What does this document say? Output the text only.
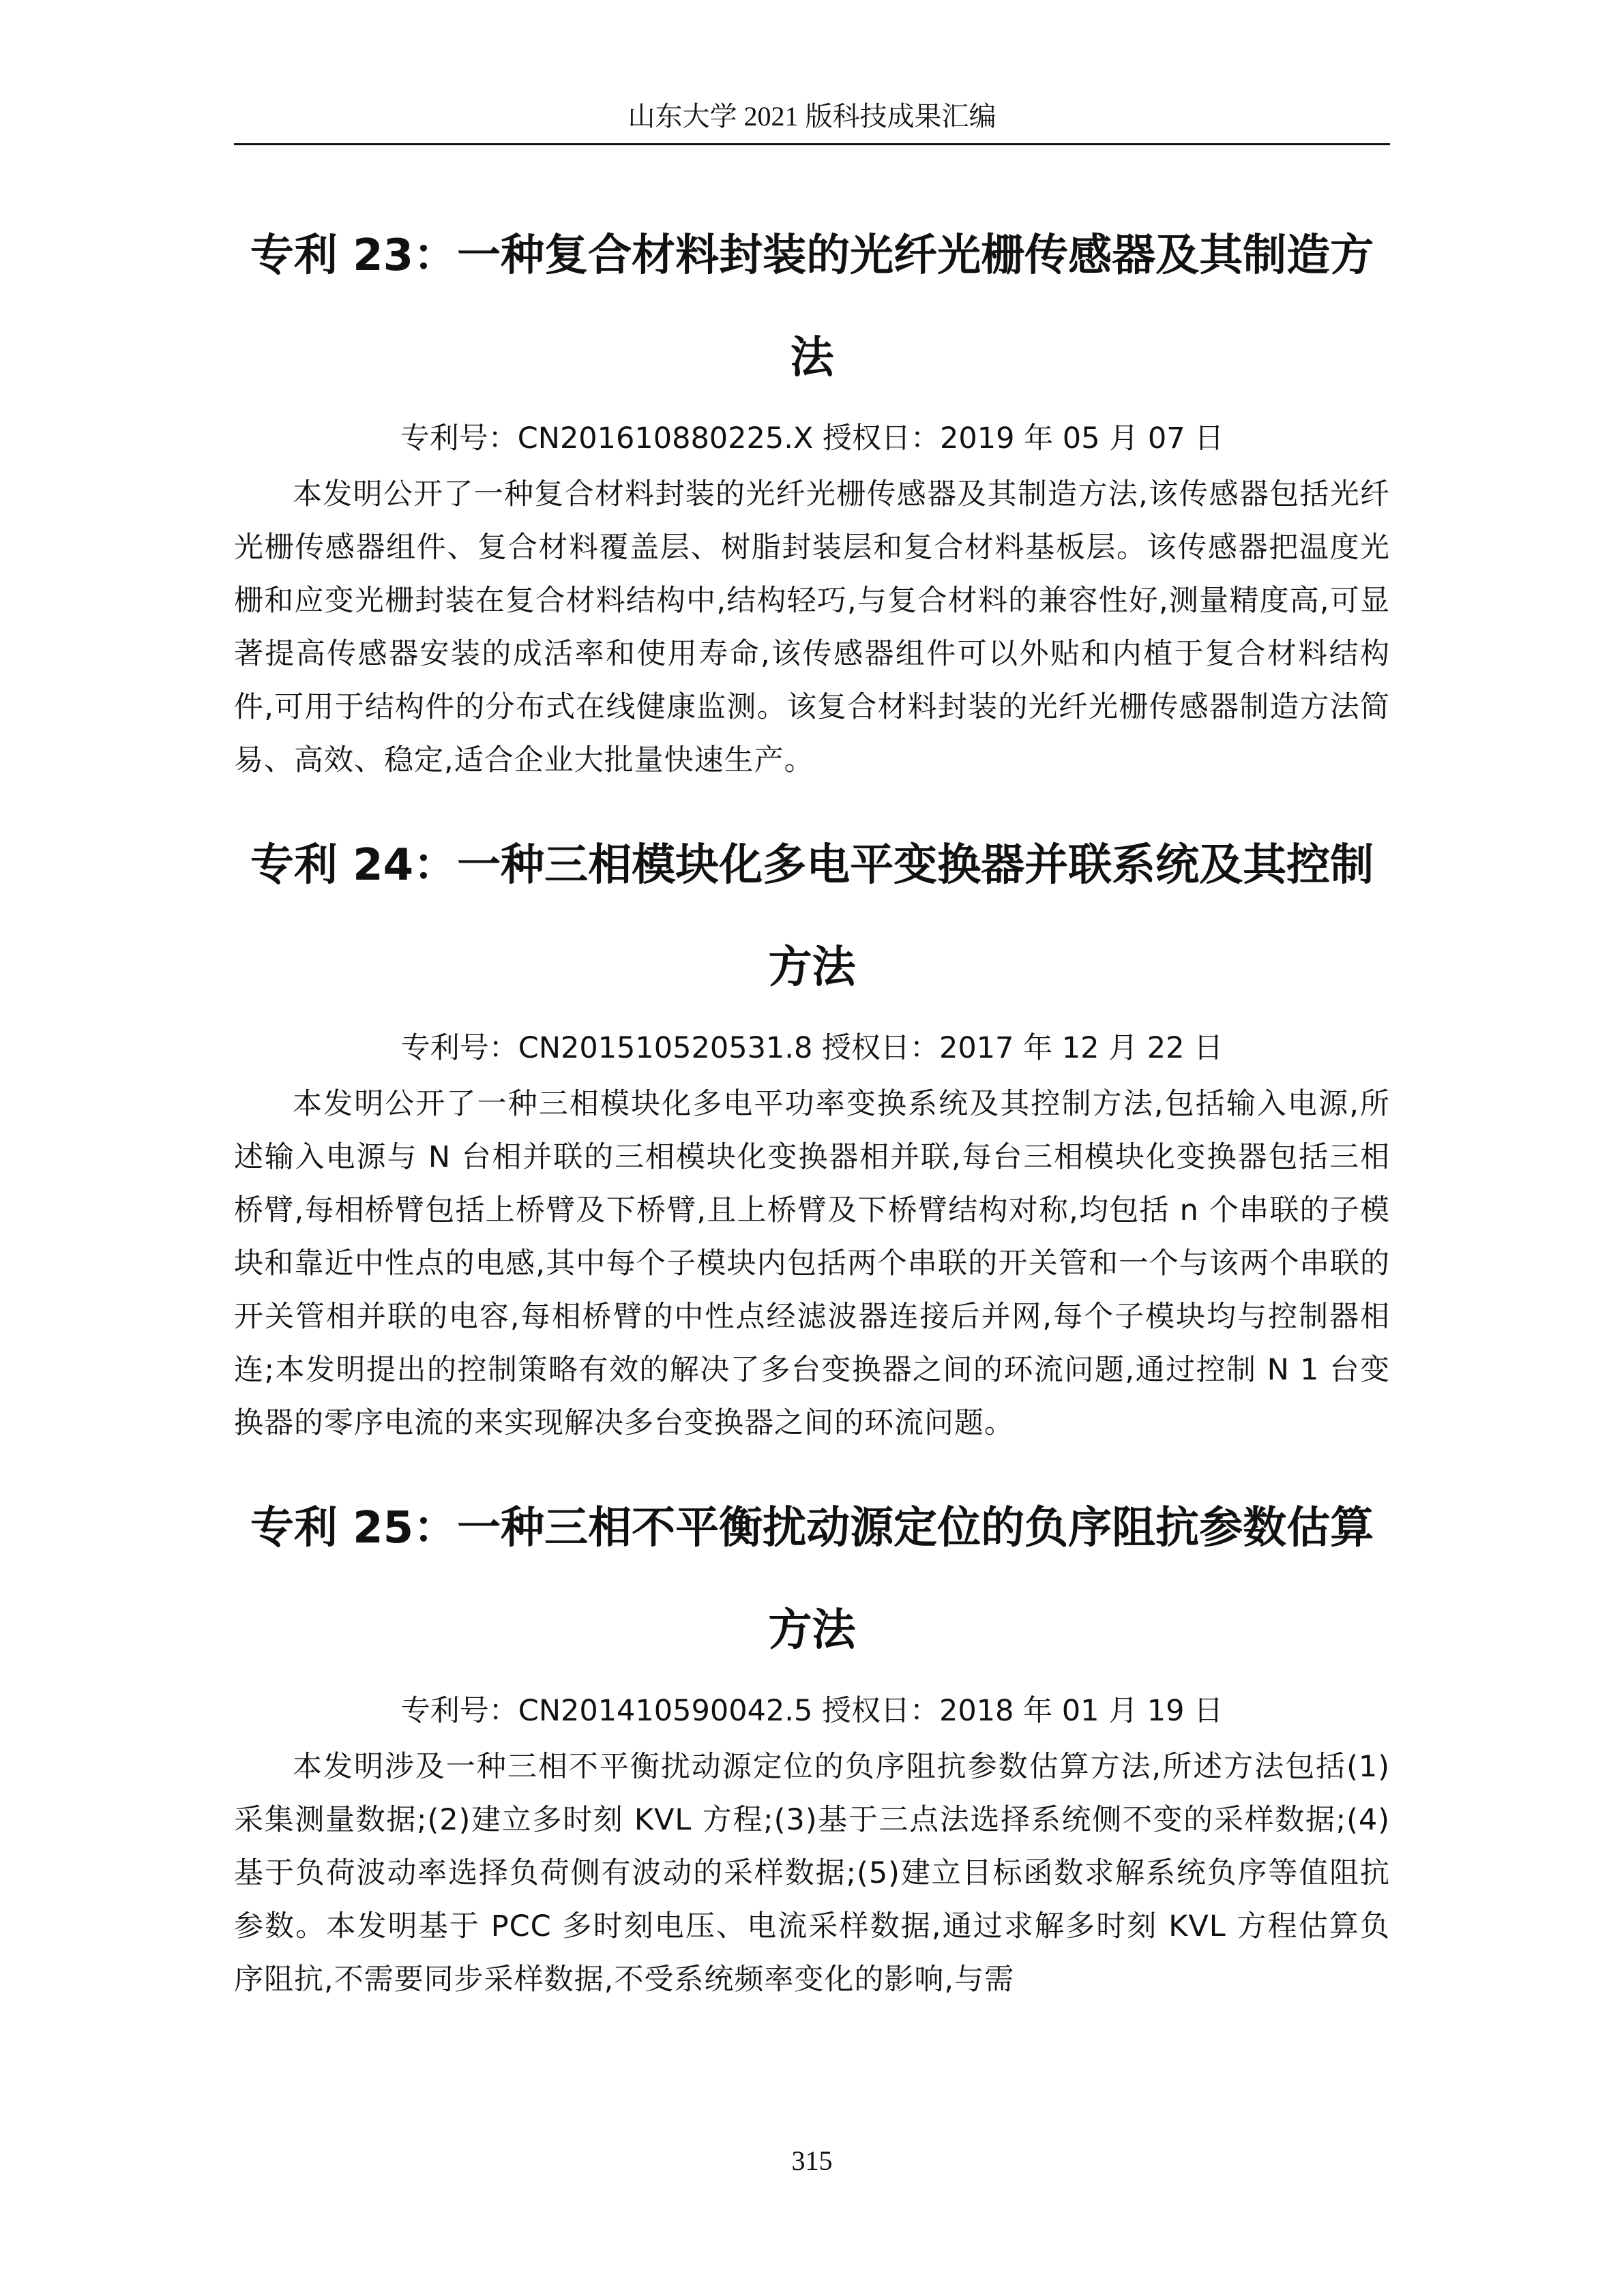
山东大学 2021 版科技成果汇编
专利 23：一种复合材料封装的光纤光栅传感器及其制造方法

专利号：CN201610880225.X 授权日：2019 年 05 月 07 日

本发明公开了一种复合材料封装的光纤光栅传感器及其制造方法,该传感器包括光纤光栅传感器组件、复合材料覆盖层、树脂封装层和复合材料基板层。该传感器把温度光栅和应变光栅封装在复合材料结构中,结构轻巧,与复合材料的兼容性好,测量精度高,可显著提高传感器安装的成活率和使用寿命,该传感器组件可以外贴和内植于复合材料结构件,可用于结构件的分布式在线健康监测。该复合材料封装的光纤光栅传感器制造方法简易、高效、稳定,适合企业大批量快速生产。

专利 24：一种三相模块化多电平变换器并联系统及其控制方法

专利号：CN201510520531.8 授权日：2017 年 12 月 22 日

本发明公开了一种三相模块化多电平功率变换系统及其控制方法,包括输入电源,所述输入电源与 N 台相并联的三相模块化变换器相并联,每台三相模块化变换器包括三相桥臂,每相桥臂包括上桥臂及下桥臂,且上桥臂及下桥臂结构对称,均包括 n 个串联的子模块和靠近中性点的电感,其中每个子模块内包括两个串联的开关管和一个与该两个串联的开关管相并联的电容,每相桥臂的中性点经滤波器连接后并网,每个子模块均与控制器相连;本发明提出的控制策略有效的解决了多台变换器之间的环流问题,通过控制 N 1 台变换器的零序电流的来实现解决多台变换器之间的环流问题。

专利 25：一种三相不平衡扰动源定位的负序阻抗参数估算方法

专利号：CN201410590042.5 授权日：2018 年 01 月 19 日

本发明涉及一种三相不平衡扰动源定位的负序阻抗参数估算方法,所述方法包括(1)采集测量数据;(2)建立多时刻 KVL 方程;(3)基于三点法选择系统侧不变的采样数据;(4)基于负荷波动率选择负荷侧有波动的采样数据;(5)建立目标函数求解系统负序等值阻抗参数。本发明基于 PCC 多时刻电压、电流采样数据,通过求解多时刻 KVL 方程估算负序阻抗,不需要同步采样数据,不受系统频率变化的影响,与需

315
